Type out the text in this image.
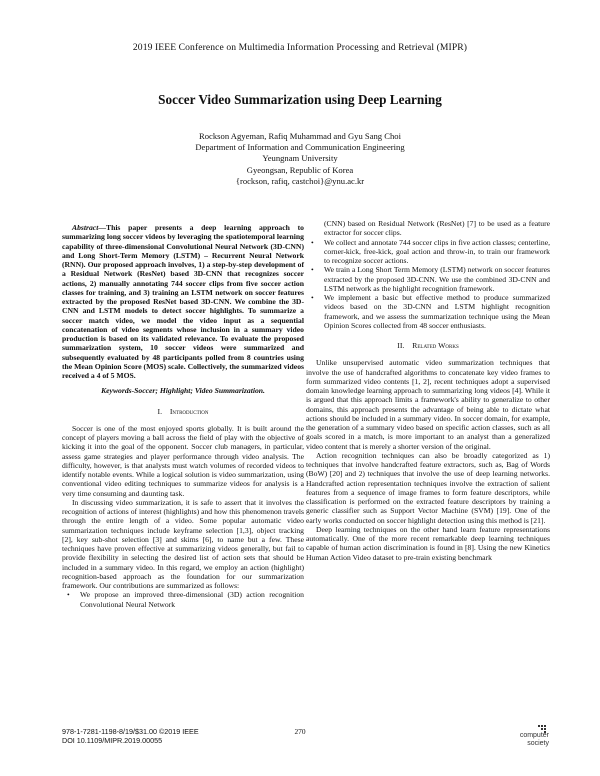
2019 IEEE Conference on Multimedia Information Processing and Retrieval (MIPR)
Soccer Video Summarization using Deep Learning
Rockson Agyeman, Rafiq Muhammad and Gyu Sang Choi
Department of Information and Communication Engineering
Yeungnam University
Gyeongsan, Republic of Korea
{rockson, rafiq, castchoi}@ynu.ac.kr

Abstract—This paper presents a deep learning approach to summarizing long soccer videos by leveraging the spatiotemporal learning capability of three-dimensional Convolutional Neural Network (3D-CNN) and Long Short-Term Memory (LSTM) – Recurrent Neural Network (RNN). Our proposed approach involves, 1) a step-by-step development of a Residual Network (ResNet) based 3D-CNN that recognizes soccer actions, 2) manually annotating 744 soccer clips from five soccer action classes for training, and 3) training an LSTM network on soccer features extracted by the proposed ResNet based 3D-CNN. We combine the 3D-CNN and LSTM models to detect soccer highlights. To summarize a soccer match video, we model the video input as a sequential concatenation of video segments whose inclusion in a summary video production is based on its validated relevance. To evaluate the proposed summarization system, 10 soccer videos were summarized and subsequently evaluated by 48 participants polled from 8 countries using the Mean Opinion Score (MOS) scale. Collectively, the summarized videos received a 4 of 5 MOS.

Keywords-Soccer; Highlight; Video Summarization.

I. Introduction

Soccer is one of the most enjoyed sports globally. It is built around the concept of players moving a ball across the field of play with the objective of kicking it into the goal of the opponent. Soccer club managers, in particular, assess game strategies and player performance through video analysis. The difficulty, however, is that analysts must watch volumes of recorded videos to identify notable events. While a logical solution is video summarization, using conventional video editing techniques to summarize videos for analysis is a very time consuming and daunting task.

In discussing video summarization, it is safe to assert that it involves the recognition of actions of interest (highlights) and how this phenomenon travels through the entire length of a video. Some popular automatic video summarization techniques include keyframe selection [1,3], object tracking [2], key sub-shot selection [3] and skims [6], to name but a few. These techniques have proven effective at summarizing videos generally, but fail to provide flexibility in selecting the desired list of action sets that should be included in a summary video. In this regard, we employ an action (highlight) recognition-based approach as the foundation for our summarization framework. Our contributions are summarized as follows:

• We propose an improved three-dimensional (3D) action recognition Convolutional Neural Network
(CNN) based on Residual Network (ResNet) [7] to be used as a feature extractor for soccer clips.
• We collect and annotate 744 soccer clips in five action classes; centerline, corner-kick, free-kick, goal action and throw-in, to train our framework to recognize soccer actions.
• We train a Long Short Term Memory (LSTM) network on soccer features extracted by the proposed 3D-CNN. We use the combined 3D-CNN and LSTM network as the highlight recognition framework.
• We implement a basic but effective method to produce summarized videos based on the 3D-CNN and LSTM highlight recognition framework, and we assess the summarization technique using the Mean Opinion Scores collected from 48 soccer enthusiasts.
II. Related Works

Unlike unsupervised automatic video summarization techniques that involve the use of handcrafted algorithms to concatenate key video frames to form summarized video contents [1, 2], recent techniques adopt a supervised domain knowledge learning approach to summarizing long videos [4]. While it is argued that this approach limits a framework's ability to generalize to other domains, this approach presents the advantage of being able to dictate what actions should be included in a summary video. In soccer domain, for example, the generation of a summary video based on specific action classes, such as all goals scored in a match, is more important to an analyst than a generalized video content that is merely a shorter version of the original.

Action recognition techniques can also be broadly categorized as 1) techniques that involve handcrafted feature extractors, such as, Bag of Words (BoW) [20] and 2) techniques that involve the use of deep learning networks. Handcrafted action representation techniques involve the extraction of salient features from a sequence of image frames to form feature descriptors, while classification is performed on the extracted feature descriptors by training a generic classifier such as Support Vector Machine (SVM) [19]. One of the early works conducted on soccer highlight detection using this method is [21].

Deep learning techniques on the other hand learn feature representations automatically. One of the more recent remarkable deep learning techniques capable of human action discrimination is found in [8]. Using the new Kinetics Human Action Video dataset to pre-train existing benchmark

978-1-7281-1198-8/19/$31.00 ©2019 IEEE
DOI 10.1109/MIPR.2019.00055
270	computer society
